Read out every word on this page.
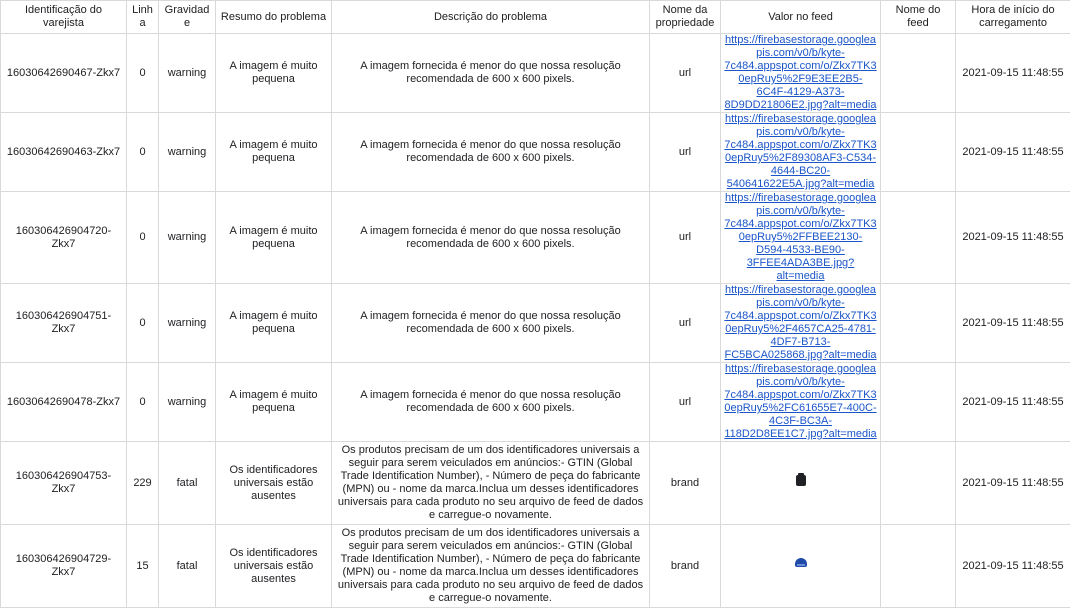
Identificação do varejista	Linha	Gravidade	Resumo do problema	Descrição do problema	Nome da propriedade	Valor no feed	Nome do feed	Hora de início do carregamento
16030642690467-Zkx7	0	warning	A imagem é muito pequena	A imagem fornecida é menor do que nossa resolução recomendada de 600 x 600 pixels.	url	https://firebasestorage.googleapis.com/v0/b/kyte-7c484.appspot.com/o/Zkx7TK30epRuy5%2F9E3EE2B5-6C4F-4129-A373-8D9DD21806E2.jpg?alt=media		2021-09-15 11:48:55
16030642690463-Zkx7	0	warning	A imagem é muito pequena	A imagem fornecida é menor do que nossa resolução recomendada de 600 x 600 pixels.	url	https://firebasestorage.googleapis.com/v0/b/kyte-7c484.appspot.com/o/Zkx7TK30epRuy5%2F89308AF3-C534-4644-BC20-540641622E5A.jpg?alt=media		2021-09-15 11:48:55
160306426904720-Zkx7	0	warning	A imagem é muito pequena	A imagem fornecida é menor do que nossa resolução recomendada de 600 x 600 pixels.	url	https://firebasestorage.googleapis.com/v0/b/kyte-7c484.appspot.com/o/Zkx7TK30epRuy5%2FFBEE2130-D594-4533-BE90-3FFEE4ADA3BE.jpg?alt=media		2021-09-15 11:48:55
160306426904751-Zkx7	0	warning	A imagem é muito pequena	A imagem fornecida é menor do que nossa resolução recomendada de 600 x 600 pixels.	url	https://firebasestorage.googleapis.com/v0/b/kyte-7c484.appspot.com/o/Zkx7TK30epRuy5%2F4657CA25-4781-4DF7-B713-FC5BCA025868.jpg?alt=media		2021-09-15 11:48:55
16030642690478-Zkx7	0	warning	A imagem é muito pequena	A imagem fornecida é menor do que nossa resolução recomendada de 600 x 600 pixels.	url	https://firebasestorage.googleapis.com/v0/b/kyte-7c484.appspot.com/o/Zkx7TK30epRuy5%2FC61655E7-400C-4C3F-BC3A-118D2D8EE1C7.jpg?alt=media		2021-09-15 11:48:55
160306426904753-Zkx7	229	fatal	Os identificadores universais estão ausentes	Os produtos precisam de um dos identificadores universais a seguir para serem veiculados em anúncios:- GTIN (Global Trade Identification Number), - Número de peça do fabricante (MPN) ou - nome da marca.Inclua um desses identificadores universais para cada produto no seu arquivo de feed de dados e carregue-o novamente.	brand			2021-09-15 11:48:55
160306426904729-Zkx7	15	fatal	Os identificadores universais estão ausentes	Os produtos precisam de um dos identificadores universais a seguir para serem veiculados em anúncios:- GTIN (Global Trade Identification Number), - Número de peça do fabricante (MPN) ou - nome da marca.Inclua um desses identificadores universais para cada produto no seu arquivo de feed de dados e carregue-o novamente.	brand			2021-09-15 11:48:55
